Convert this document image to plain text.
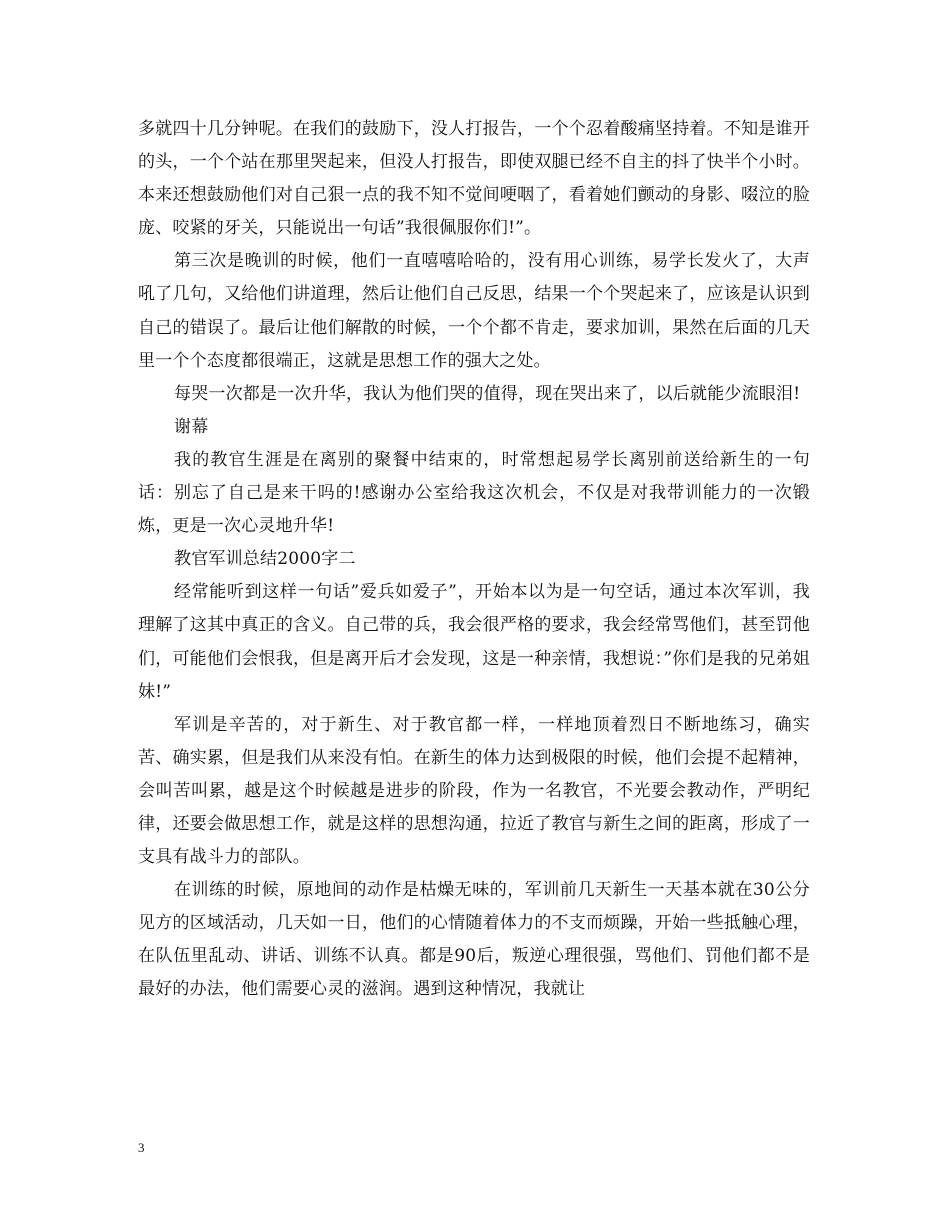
多就四十几分钟呢。在我们的鼓励下，没人打报告，一个个忍着酸痛坚持着。不知是谁开的头，一个个站在那里哭起来，但没人打报告，即使双腿已经不自主的抖了快半个小时。本来还想鼓励他们对自己狠一点的我不知不觉间哽咽了，看着她们颤动的身影、啜泣的脸庞、咬紧的牙关，只能说出一句话”我很佩服你们!”。

第三次是晚训的时候，他们一直嘻嘻哈哈的，没有用心训练，易学长发火了，大声吼了几句，又给他们讲道理，然后让他们自己反思，结果一个个哭起来了，应该是认识到自己的错误了。最后让他们解散的时候，一个个都不肯走，要求加训，果然在后面的几天里一个个态度都很端正，这就是思想工作的强大之处。

每哭一次都是一次升华，我认为他们哭的值得，现在哭出来了，以后就能少流眼泪!

谢幕

我的教官生涯是在离别的聚餐中结束的，时常想起易学长离别前送给新生的一句话：别忘了自己是来干吗的!感谢办公室给我这次机会，不仅是对我带训能力的一次锻炼，更是一次心灵地升华!

教官军训总结2000字二

经常能听到这样一句话”爱兵如爱子”，开始本以为是一句空话，通过本次军训，我理解了这其中真正的含义。自己带的兵，我会很严格的要求，我会经常骂他们，甚至罚他们，可能他们会恨我，但是离开后才会发现，这是一种亲情，我想说：”你们是我的兄弟姐妹!”

军训是辛苦的，对于新生、对于教官都一样，一样地顶着烈日不断地练习，确实苦、确实累，但是我们从来没有怕。在新生的体力达到极限的时候，他们会提不起精神，会叫苦叫累，越是这个时候越是进步的阶段，作为一名教官，不光要会教动作，严明纪律，还要会做思想工作，就是这样的思想沟通，拉近了教官与新生之间的距离，形成了一支具有战斗力的部队。

在训练的时候，原地间的动作是枯燥无味的，军训前几天新生一天基本就在30公分见方的区域活动，几天如一日，他们的心情随着体力的不支而烦躁，开始一些抵触心理，在队伍里乱动、讲话、训练不认真。都是90后，叛逆心理很强，骂他们、罚他们都不是最好的办法，他们需要心灵的滋润。遇到这种情况，我就让

3
